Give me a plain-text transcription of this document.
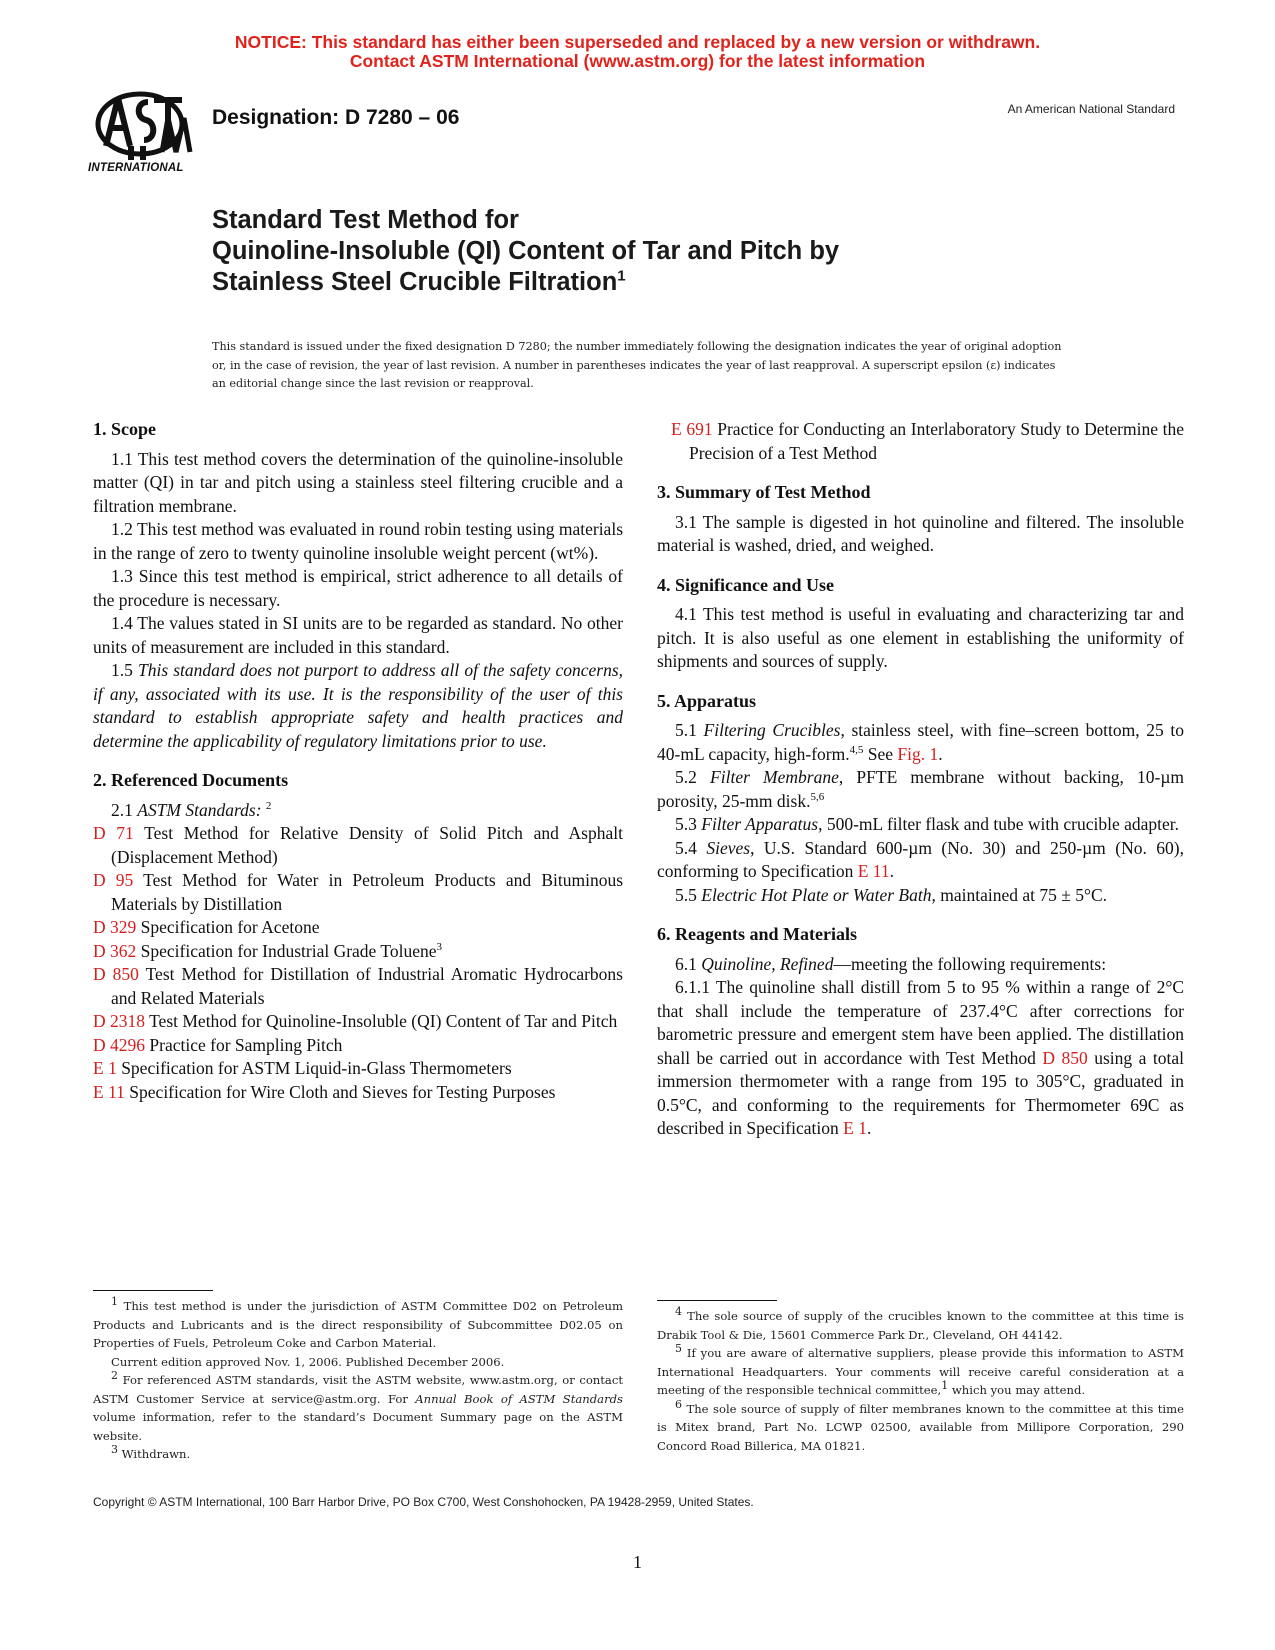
NOTICE: This standard has either been superseded and replaced by a new version or withdrawn.
Contact ASTM International (www.astm.org) for the latest information
INTERNATIONAL
Designation: D 7280 – 06	An American National Standard
Standard Test Method for
Quinoline-Insoluble (QI) Content of Tar and Pitch by
Stainless Steel Crucible Filtration$^1$
This standard is issued under the fixed designation D 7280; the number immediately following the designation indicates the year of original adoption or, in the case of revision, the year of last revision. A number in parentheses indicates the year of last reapproval. A superscript epsilon (ε) indicates an editorial change since the last revision or reapproval.
1. Scope

1.1 This test method covers the determination of the quinoline-insoluble matter (QI) in tar and pitch using a stainless steel filtering crucible and a filtration membrane.

1.2 This test method was evaluated in round robin testing using materials in the range of zero to twenty quinoline insoluble weight percent (wt%).

1.3 Since this test method is empirical, strict adherence to all details of the procedure is necessary.

1.4 The values stated in SI units are to be regarded as standard. No other units of measurement are included in this standard.

1.5 This standard does not purport to address all of the safety concerns, if any, associated with its use. It is the responsibility of the user of this standard to establish appropriate safety and health practices and determine the applicability of regulatory limitations prior to use.

2. Referenced Documents

2.1 ASTM Standards: $^2$

D 71 Test Method for Relative Density of Solid Pitch and Asphalt (Displacement Method)

D 95 Test Method for Water in Petroleum Products and Bituminous Materials by Distillation

D 329 Specification for Acetone

D 362 Specification for Industrial Grade Toluene$^3$

D 850 Test Method for Distillation of Industrial Aromatic Hydrocarbons and Related Materials

D 2318 Test Method for Quinoline-Insoluble (QI) Content of Tar and Pitch

D 4296 Practice for Sampling Pitch

E 1 Specification for ASTM Liquid-in-Glass Thermometers

E 11 Specification for Wire Cloth and Sieves for Testing Purposes

E 691 Practice for Conducting an Interlaboratory Study to Determine the Precision of a Test Method

3. Summary of Test Method

3.1 The sample is digested in hot quinoline and filtered. The insoluble material is washed, dried, and weighed.

4. Significance and Use

4.1 This test method is useful in evaluating and characterizing tar and pitch. It is also useful as one element in establishing the uniformity of shipments and sources of supply.

5. Apparatus

5.1 Filtering Crucibles, stainless steel, with fine–screen bottom, 25 to 40-mL capacity, high-form.$^{4,5}$ See Fig. 1.

5.2 Filter Membrane, PFTE membrane without backing, 10-µm porosity, 25-mm disk.$^{5,6}$

5.3 Filter Apparatus, 500-mL filter flask and tube with crucible adapter.

5.4 Sieves, U.S. Standard 600-µm (No. 30) and 250-µm (No. 60), conforming to Specification E 11.

5.5 Electric Hot Plate or Water Bath, maintained at 75 ± 5°C.

6. Reagents and Materials

6.1 Quinoline, Refined—meeting the following requirements:

6.1.1 The quinoline shall distill from 5 to 95 % within a range of 2°C that shall include the temperature of 237.4°C after corrections for barometric pressure and emergent stem have been applied. The distillation shall be carried out in accordance with Test Method D 850 using a total immersion thermometer with a range from 195 to 305°C, graduated in 0.5°C, and conforming to the requirements for Thermometer 69C as described in Specification E 1.

$^1$ This test method is under the jurisdiction of ASTM Committee D02 on Petroleum Products and Lubricants and is the direct responsibility of Subcommittee D02.05 on Properties of Fuels, Petroleum Coke and Carbon Material.

Current edition approved Nov. 1, 2006. Published December 2006.

$^2$ For referenced ASTM standards, visit the ASTM website, www.astm.org, or contact ASTM Customer Service at service@astm.org. For Annual Book of ASTM Standards volume information, refer to the standard’s Document Summary page on the ASTM website.

$^3$ Withdrawn.

$^4$ The sole source of supply of the crucibles known to the committee at this time is Drabik Tool & Die, 15601 Commerce Park Dr., Cleveland, OH 44142.

$^5$ If you are aware of alternative suppliers, please provide this information to ASTM International Headquarters. Your comments will receive careful consideration at a meeting of the responsible technical committee,$^1$ which you may attend.

$^6$ The sole source of supply of filter membranes known to the committee at this time is Mitex brand, Part No. LCWP 02500, available from Millipore Corporation, 290 Concord Road Billerica, MA 01821.

Copyright © ASTM International, 100 Barr Harbor Drive, PO Box C700, West Conshohocken, PA 19428-2959, United States.
1
